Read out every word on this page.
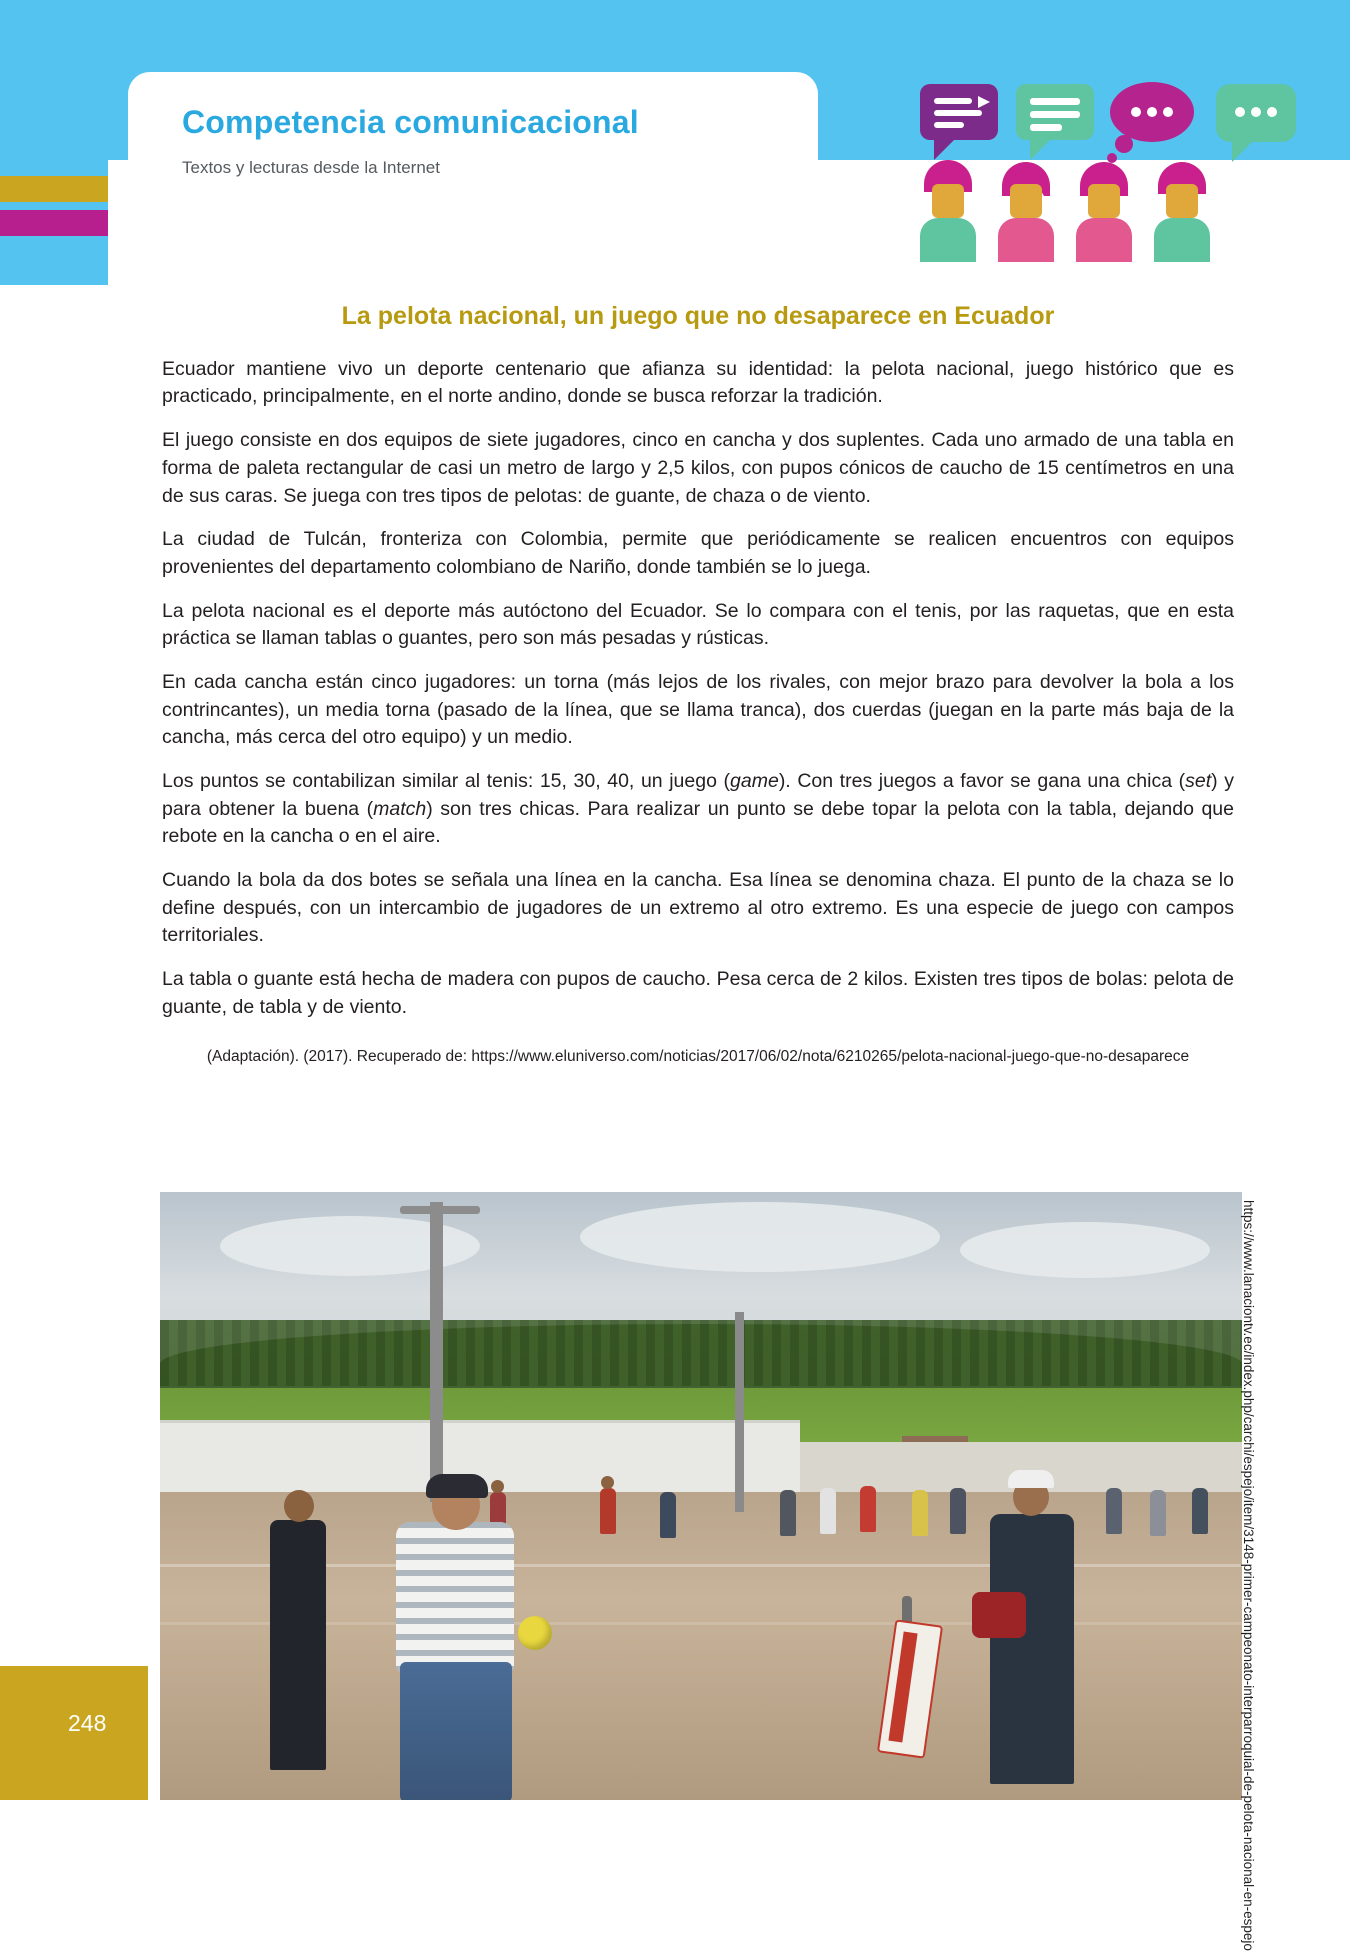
Competencia comunicacional
Textos y lecturas desde la Internet
La pelota nacional, un juego que no desaparece en Ecuador

Ecuador mantiene vivo un deporte centenario que afianza su identidad: la pelota nacional, juego histórico que es practicado, principalmente, en el norte andino, donde se busca reforzar la tradición.

El juego consiste en dos equipos de siete jugadores, cinco en cancha y dos suplentes. Cada uno armado de una tabla en forma de paleta rectangular de casi un metro de largo y 2,5 kilos, con pupos cónicos de caucho de 15 centímetros en una de sus caras. Se juega con tres tipos de pelotas: de guante, de chaza o de viento.

La ciudad de Tulcán, fronteriza con Colombia, permite que periódicamente se realicen encuentros con equipos provenientes del departamento colombiano de Nariño, donde también se lo juega.

La pelota nacional es el deporte más autóctono del Ecuador. Se lo compara con el tenis, por las raquetas, que en esta práctica se llaman tablas o guantes, pero son más pesadas y rústicas.

En cada cancha están cinco jugadores: un torna (más lejos de los rivales, con mejor brazo para devolver la bola a los contrincantes), un media torna (pasado de la línea, que se llama tranca), dos cuerdas (juegan en la parte más baja de la cancha, más cerca del otro equipo) y un medio.

Los puntos se contabilizan similar al tenis: 15, 30, 40, un juego (game). Con tres juegos a favor se gana una chica (set) y para obtener la buena (match) son tres chicas. Para realizar un punto se debe topar la pelota con la tabla, dejando que rebote en la cancha o en el aire.

Cuando la bola da dos botes se señala una línea en la cancha. Esa línea se denomina chaza. El punto de la chaza se lo define después, con un intercambio de jugadores de un extremo al otro extremo. Es una especie de juego con campos territoriales.

La tabla o guante está hecha de madera con pupos de caucho. Pesa cerca de 2 kilos. Existen tres tipos de bolas: pelota de guante, de tabla y de viento.

(Adaptación). (2017). Recuperado de: https://www.eluniverso.com/noticias/2017/06/02/nota/6210265/pelota-nacional-juego-que-no-desaparece
https://www.lanaciontv.ec/index.php/carchi/espejo/item/3148-primer-campeonato-interparroquial-de-pelota-nacional-en-espejo
248
